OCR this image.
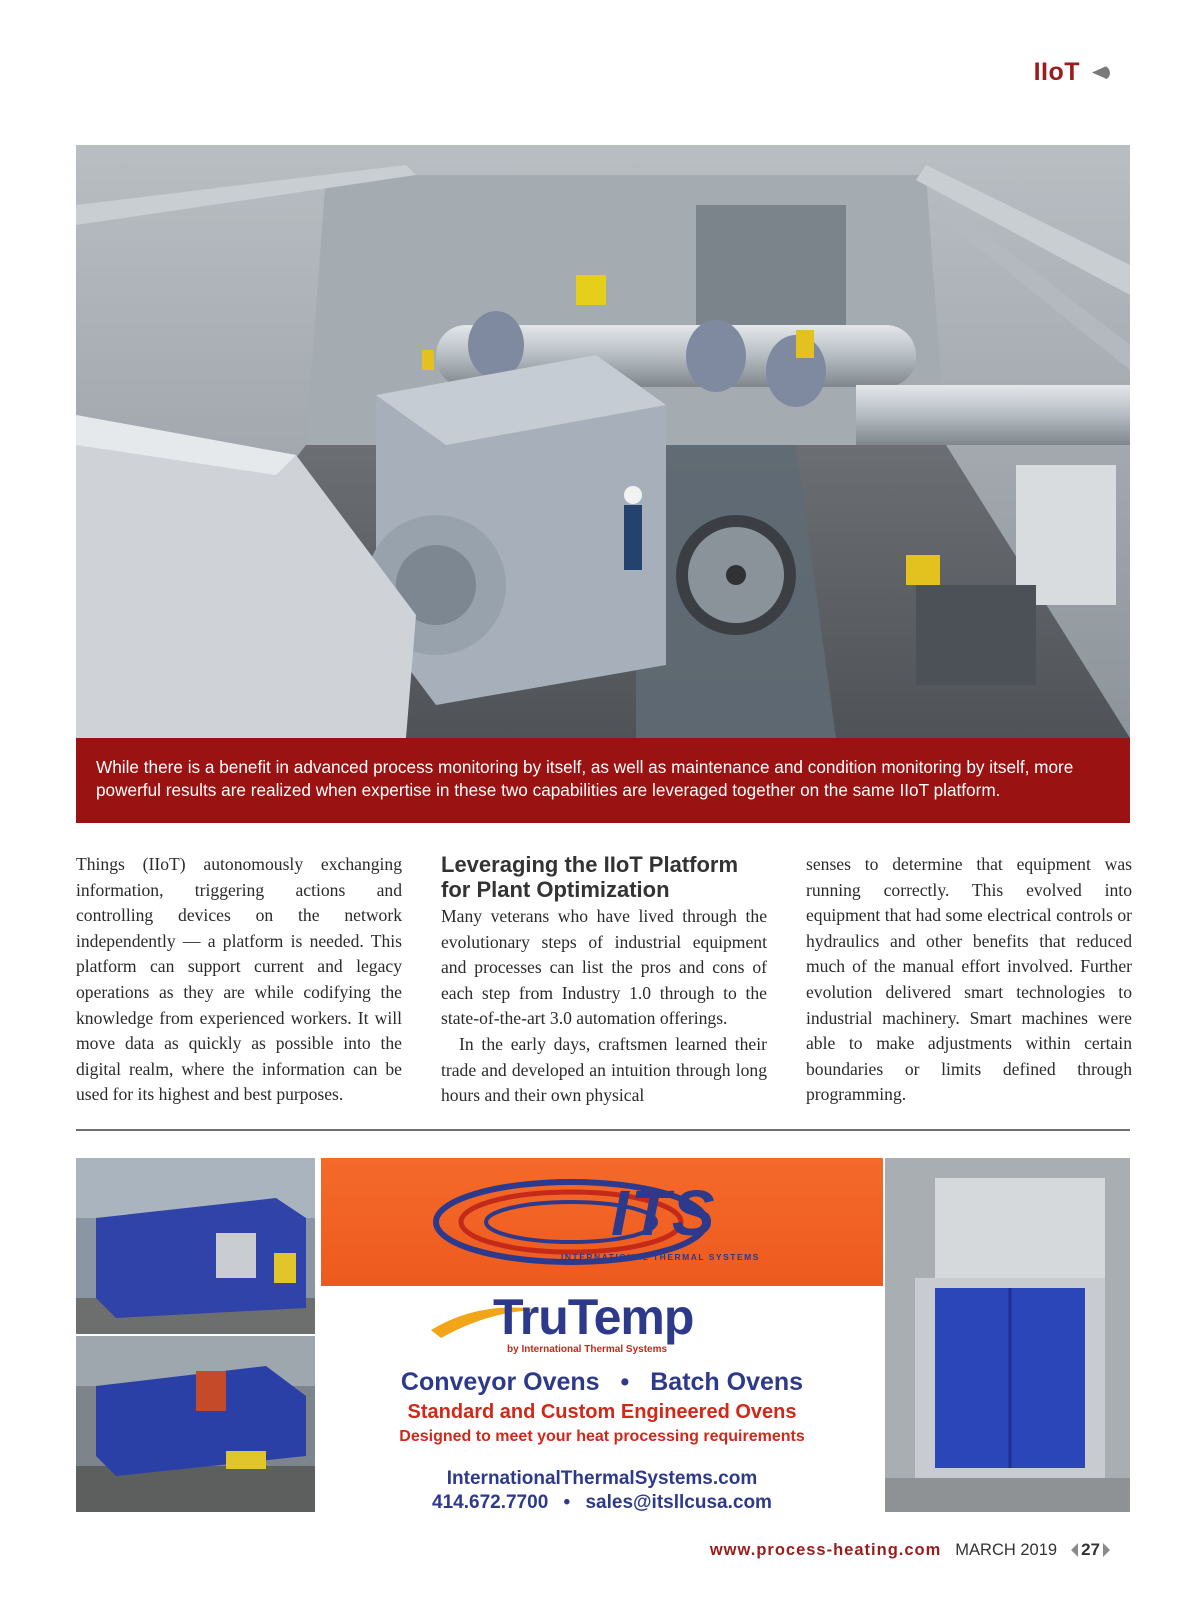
IIoT

While there is a benefit in advanced process monitoring by itself, as well as maintenance and condition monitoring by itself, more powerful results are realized when expertise in these two capabilities are leveraged together on the same IIoT platform.

Things (IIoT) autonomously exchanging information, triggering actions and controlling devices on the network independently — a platform is needed. This platform can support current and legacy operations as they are while codifying the knowledge from experienced workers. It will move data as quickly as possible into the digital realm, where the information can be used for its highest and best purposes.

Leveraging the IIoT Platform
for Plant Optimization

Many veterans who have lived through the evolutionary steps of industrial equipment and processes can list the pros and cons of each step from Industry 1.0 through to the state-of-the-art 3.0 automation offerings.

In the early days, craftsmen learned their trade and developed an intuition through long hours and their own physical

senses to determine that equipment was running correctly. This evolved into equipment that had some electrical controls or hydraulics and other benefits that reduced much of the manual effort involved. Further evolution delivered smart technologies to industrial machinery. Smart machines were able to make adjustments within certain boundaries or limits defined through programming.

ITS
INTERNATIONAL THERMAL SYSTEMS
TruTemp
by International Thermal Systems
Conveyor Ovens • Batch Ovens
Standard and Custom Engineered Ovens
Designed to meet your heat processing requirements
InternationalThermalSystems.com
414.672.7700 • sales@itsllcusa.com
www.process-heating.com MARCH 2019 27
